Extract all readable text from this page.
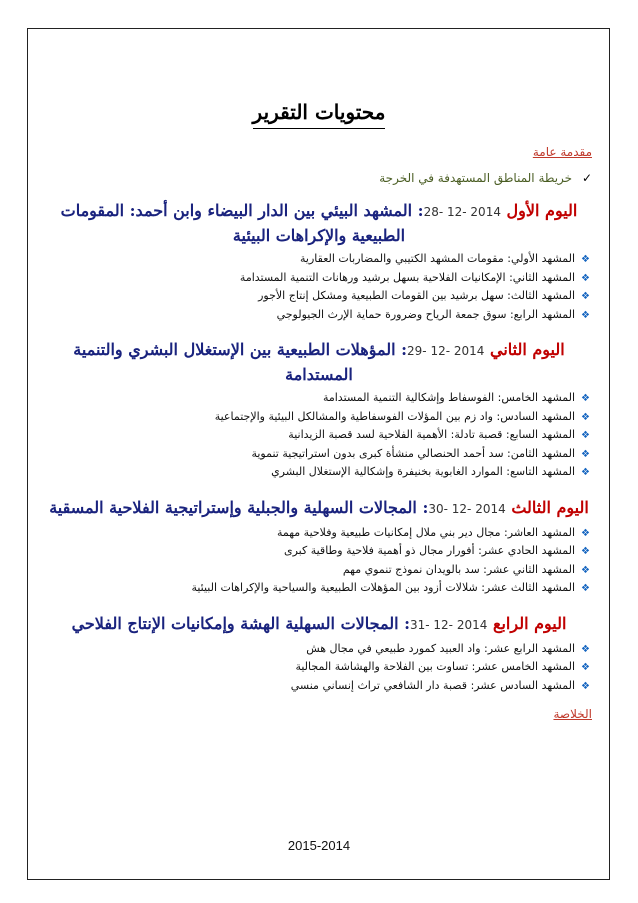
محتويات التقرير
مقدمة عامة
✓ خريطة المناطق المستهدفة في الخرجة
اليوم الأول 28- 12- 2014: المشهد البيئي بين الدار البيضاء وابن أحمد: المقومات الطبيعية والإكراهات البيئية
❖المشهد الأولي: مقومات المشهد الكتيبي والمضاربات العقارية
❖المشهد الثاني: الإمكانيات الفلاحية بسهل برشيد ورهانات التنمية المستدامة
❖المشهد الثالث: سهل برشيد بين القومات الطبيعية ومشكل إنتاج الأجور
❖المشهد الرابع: سوق جمعة الرياح وضرورة حماية الإرث الجيولوجي
اليوم الثاني 29- 12- 2014: المؤهلات الطبيعية بين الإستغلال البشري والتنمية المستدامة
❖المشهد الخامس: الفوسفاط وإشكالية التنمية المستدامة
❖المشهد السادس: واد زم بين المؤلات الفوسفاطية والمشالكل البيئية والإجتماعية
❖المشهد السابع: قصبة تادلة: الأهمية الفلاحية لسد قصبة الزيدانية
❖المشهد الثامن: سد أحمد الحنصالي منشأة كبرى بدون استراتيجية تنموية
❖المشهد التاسع: الموارد الغابوية بخنيفرة وإشكالية الإستغلال البشري
اليوم الثالث 30- 12- 2014: المجالات السهلية والجبلية وإستراتيجية الفلاحية المسقية
❖المشهد العاشر: مجال دير بني ملال إمكانيات طبيعية وفلاحية مهمة
❖المشهد الحادي عشر: أفورار مجال ذو أهمية فلاحية وطاقية كبرى
❖المشهد الثاني عشر: سد بالويدان نموذج تنموي مهم
❖المشهد الثالث عشر: شلالات أزود بين المؤهلات الطبيعية والسياحية والإكراهات البيئية
اليوم الرابع 31- 12- 2014: المجالات السهلية الهشة وإمكانيات الإنتاج الفلاحي
❖المشهد الرابع عشر: واد العبيد كمورد طبيعي في مجال هش
❖المشهد الخامس عشر: تساوت بين الفلاحة والهشاشة المجالية
❖المشهد السادس عشر: قصبة دار الشافعي تراث إنساني منسي
الخلاصة
2015-2014
